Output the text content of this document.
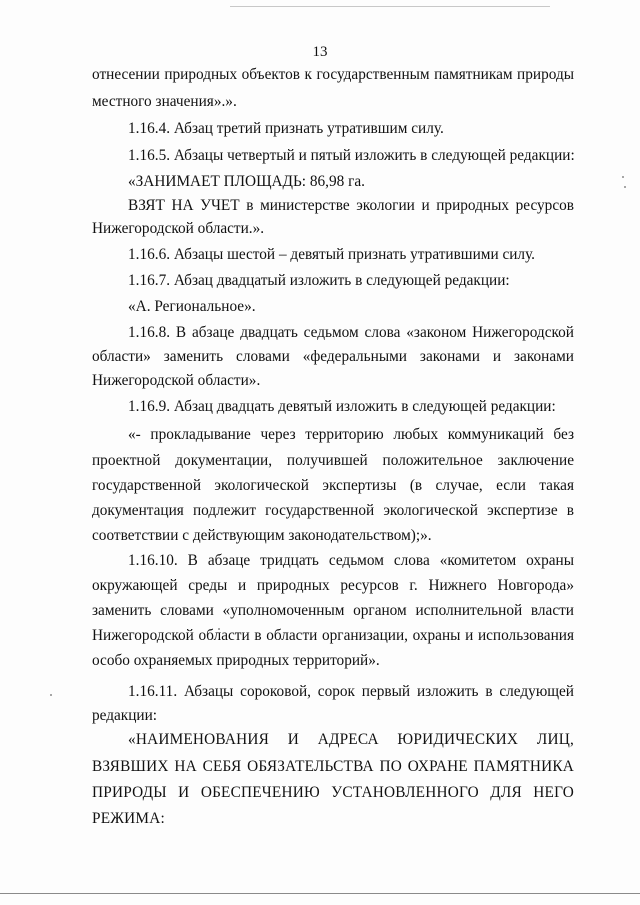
13
отнесении природных объектов к государственным памятникам природы
местного значения».».
1.16.4. Абзац третий признать утратившим силу.
1.16.5. Абзацы четвертый и пятый изложить в следующей редакции:
«ЗАНИМАЕТ ПЛОЩАДЬ: 86,98 га.
ВЗЯТ НА УЧЕТ в министерстве экологии и природных ресурсов
Нижегородской области.».
1.16.6. Абзацы шестой – девятый признать утратившими силу.
1.16.7. Абзац двадцатый изложить в следующей редакции:
«А. Региональное».
1.16.8. В абзаце двадцать седьмом слова «законом Нижегородской
области» заменить словами «федеральными законами и законами
Нижегородской области».
1.16.9. Абзац двадцать девятый изложить в следующей редакции:
«- прокладывание через территорию любых коммуникаций без
проектной документации, получившей положительное заключение
государственной экологической экспертизы (в случае, если такая
документация подлежит государственной экологической экспертизе в
соответствии с действующим законодательством);».
1.16.10. В абзаце тридцать седьмом слова «комитетом охраны
окружающей среды и природных ресурсов г. Нижнего Новгорода»
заменить словами «уполномоченным органом исполнительной власти
Нижегородской области в области организации, охраны и использования
особо охраняемых природных территорий».
1.16.11. Абзацы сороковой, сорок первый изложить в следующей
редакции:
«НАИМЕНОВАНИЯ И АДРЕСА ЮРИДИЧЕСКИХ ЛИЦ,
ВЗЯВШИХ НА СЕБЯ ОБЯЗАТЕЛЬСТВА ПО ОХРАНЕ ПАМЯТНИКА
ПРИРОДЫ И ОБЕСПЕЧЕНИЮ УСТАНОВЛЕННОГО ДЛЯ НЕГО
РЕЖИМА:
